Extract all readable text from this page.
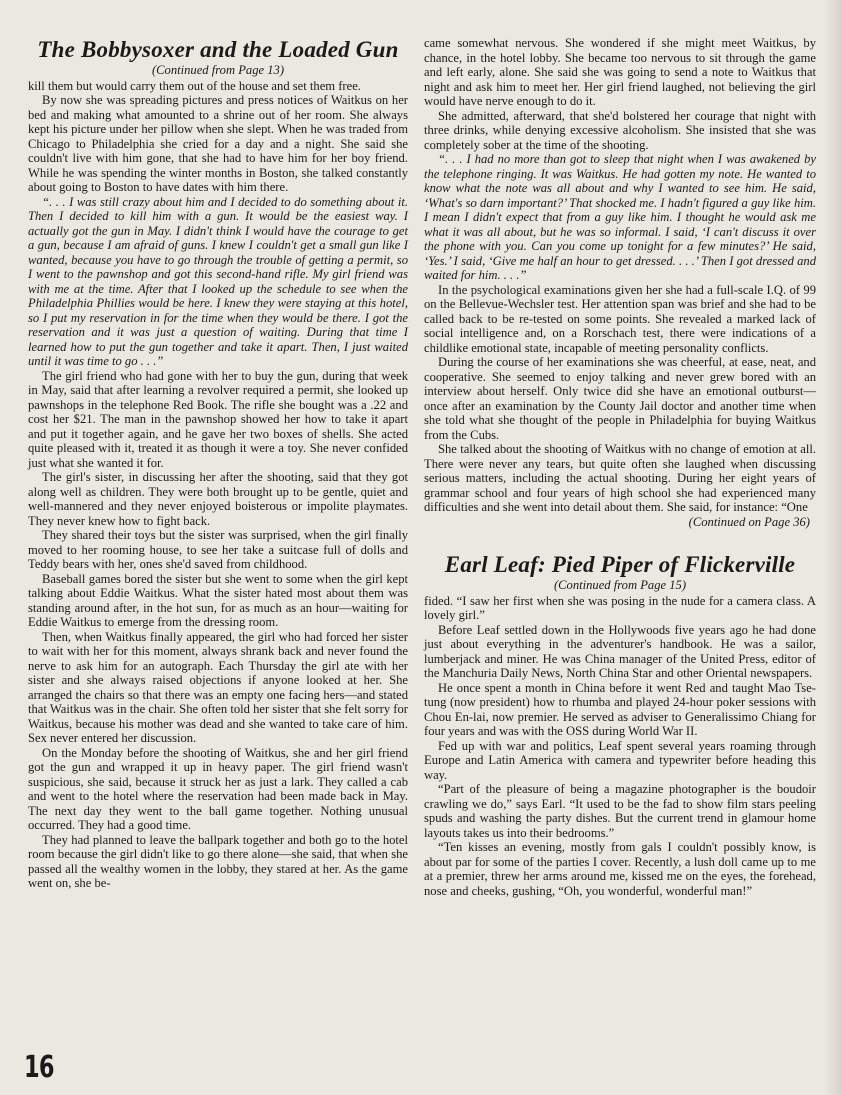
The Bobbysoxer and the Loaded Gun
(Continued from Page 13)

kill them but would carry them out of the house and set them free.

By now she was spreading pictures and press notices of Waitkus on her bed and making what amounted to a shrine out of her room. She always kept his picture under her pillow when she slept. When he was traded from Chicago to Philadelphia she cried for a day and a night. She said she couldn't live with him gone, that she had to have him for her boy friend. While he was spending the winter months in Boston, she talked constantly about going to Boston to have dates with him there.

“. . . I was still crazy about him and I decided to do something about it. Then I decided to kill him with a gun. It would be the easiest way. I actually got the gun in May. I didn't think I would have the courage to get a gun, because I am afraid of guns. I knew I couldn't get a small gun like I wanted, because you have to go through the trouble of getting a permit, so I went to the pawnshop and got this second-hand rifle. My girl friend was with me at the time. After that I looked up the schedule to see when the Philadelphia Phillies would be here. I knew they were staying at this hotel, so I put my reservation in for the time when they would be there. I got the reservation and it was just a question of waiting. During that time I learned how to put the gun together and take it apart. Then, I just waited until it was time to go . . .”

The girl friend who had gone with her to buy the gun, during that week in May, said that after learning a revolver required a permit, she looked up pawnshops in the telephone Red Book. The rifle she bought was a .22 and cost her $21. The man in the pawnshop showed her how to take it apart and put it together again, and he gave her two boxes of shells. She acted quite pleased with it, treated it as though it were a toy. She never confided just what she wanted it for.

The girl's sister, in discussing her after the shooting, said that they got along well as children. They were both brought up to be gentle, quiet and well-mannered and they never enjoyed boisterous or impolite playmates. They never knew how to fight back.

They shared their toys but the sister was surprised, when the girl finally moved to her rooming house, to see her take a suitcase full of dolls and Teddy bears with her, ones she'd saved from childhood.

Baseball games bored the sister but she went to some when the girl kept talking about Eddie Waitkus. What the sister hated most about them was standing around after, in the hot sun, for as much as an hour—waiting for Eddie Waitkus to emerge from the dressing room.

Then, when Waitkus finally appeared, the girl who had forced her sister to wait with her for this moment, always shrank back and never found the nerve to ask him for an autograph. Each Thursday the girl ate with her sister and she always raised objections if anyone looked at her. She arranged the chairs so that there was an empty one facing hers—and stated that Waitkus was in the chair. She often told her sister that she felt sorry for Waitkus, because his mother was dead and she wanted to take care of him. Sex never entered her discussion.

On the Monday before the shooting of Waitkus, she and her girl friend got the gun and wrapped it up in heavy paper. The girl friend wasn't suspicious, she said, because it struck her as just a lark. They called a cab and went to the hotel where the reservation had been made back in May. The next day they went to the ball game together. Nothing unusual occurred. They had a good time.

They had planned to leave the ballpark together and both go to the hotel room because the girl didn't like to go there alone—she said, that when she passed all the wealthy women in the lobby, they stared at her. As the game went on, she be-

came somewhat nervous. She wondered if she might meet Waitkus, by chance, in the hotel lobby. She became too nervous to sit through the game and left early, alone. She said she was going to send a note to Waitkus that night and ask him to meet her. Her girl friend laughed, not believing the girl would have nerve enough to do it.

She admitted, afterward, that she'd bolstered her courage that night with three drinks, while denying excessive alcoholism. She insisted that she was completely sober at the time of the shooting.

“. . . I had no more than got to sleep that night when I was awakened by the telephone ringing. It was Waitkus. He had gotten my note. He wanted to know what the note was all about and why I wanted to see him. He said, ‘What's so darn important?’ That shocked me. I hadn't figured a guy like him. I mean I didn't expect that from a guy like him. I thought he would ask me what it was all about, but he was so informal. I said, ‘I can't discuss it over the phone with you. Can you come up tonight for a few minutes?’ He said, ‘Yes.’ I said, ‘Give me half an hour to get dressed. . . .’ Then I got dressed and waited for him. . . .”

In the psychological examinations given her she had a full-scale I.Q. of 99 on the Bellevue-Wechsler test. Her attention span was brief and she had to be called back to be re-tested on some points. She revealed a marked lack of social intelligence and, on a Rorschach test, there were indications of a childlike emotional state, incapable of meeting personality conflicts.

During the course of her examinations she was cheerful, at ease, neat, and cooperative. She seemed to enjoy talking and never grew bored with an interview about herself. Only twice did she have an emotional outburst—once after an examination by the County Jail doctor and another time when she told what she thought of the people in Philadelphia for buying Waitkus from the Cubs.

She talked about the shooting of Waitkus with no change of emotion at all. There were never any tears, but quite often she laughed when discussing serious matters, including the actual shooting. During her eight years of grammar school and four years of high school she had experienced many difficulties and she went into detail about them. She said, for instance: “One

(Continued on Page 36)
Earl Leaf: Pied Piper of Flickerville
(Continued from Page 15)

fided. “I saw her first when she was posing in the nude for a camera class. A lovely girl.”

Before Leaf settled down in the Hollywoods five years ago he had done just about everything in the adventurer's handbook. He was a sailor, lumberjack and miner. He was China manager of the United Press, editor of the Manchuria Daily News, North China Star and other Oriental newspapers.

He once spent a month in China before it went Red and taught Mao Tse-tung (now president) how to rhumba and played 24-hour poker sessions with Chou En-lai, now premier. He served as adviser to Generalissimo Chiang for four years and was with the OSS during World War II.

Fed up with war and politics, Leaf spent several years roaming through Europe and Latin America with camera and typewriter before heading this way.

“Part of the pleasure of being a magazine photographer is the boudoir crawling we do,” says Earl. “It used to be the fad to show film stars peeling spuds and washing the party dishes. But the current trend in glamour home layouts takes us into their bedrooms.”

“Ten kisses an evening, mostly from gals I couldn't possibly know, is about par for some of the parties I cover. Recently, a lush doll came up to me at a premier, threw her arms around me, kissed me on the eyes, the forehead, nose and cheeks, gushing, “Oh, you wonderful, wonderful man!”

16
